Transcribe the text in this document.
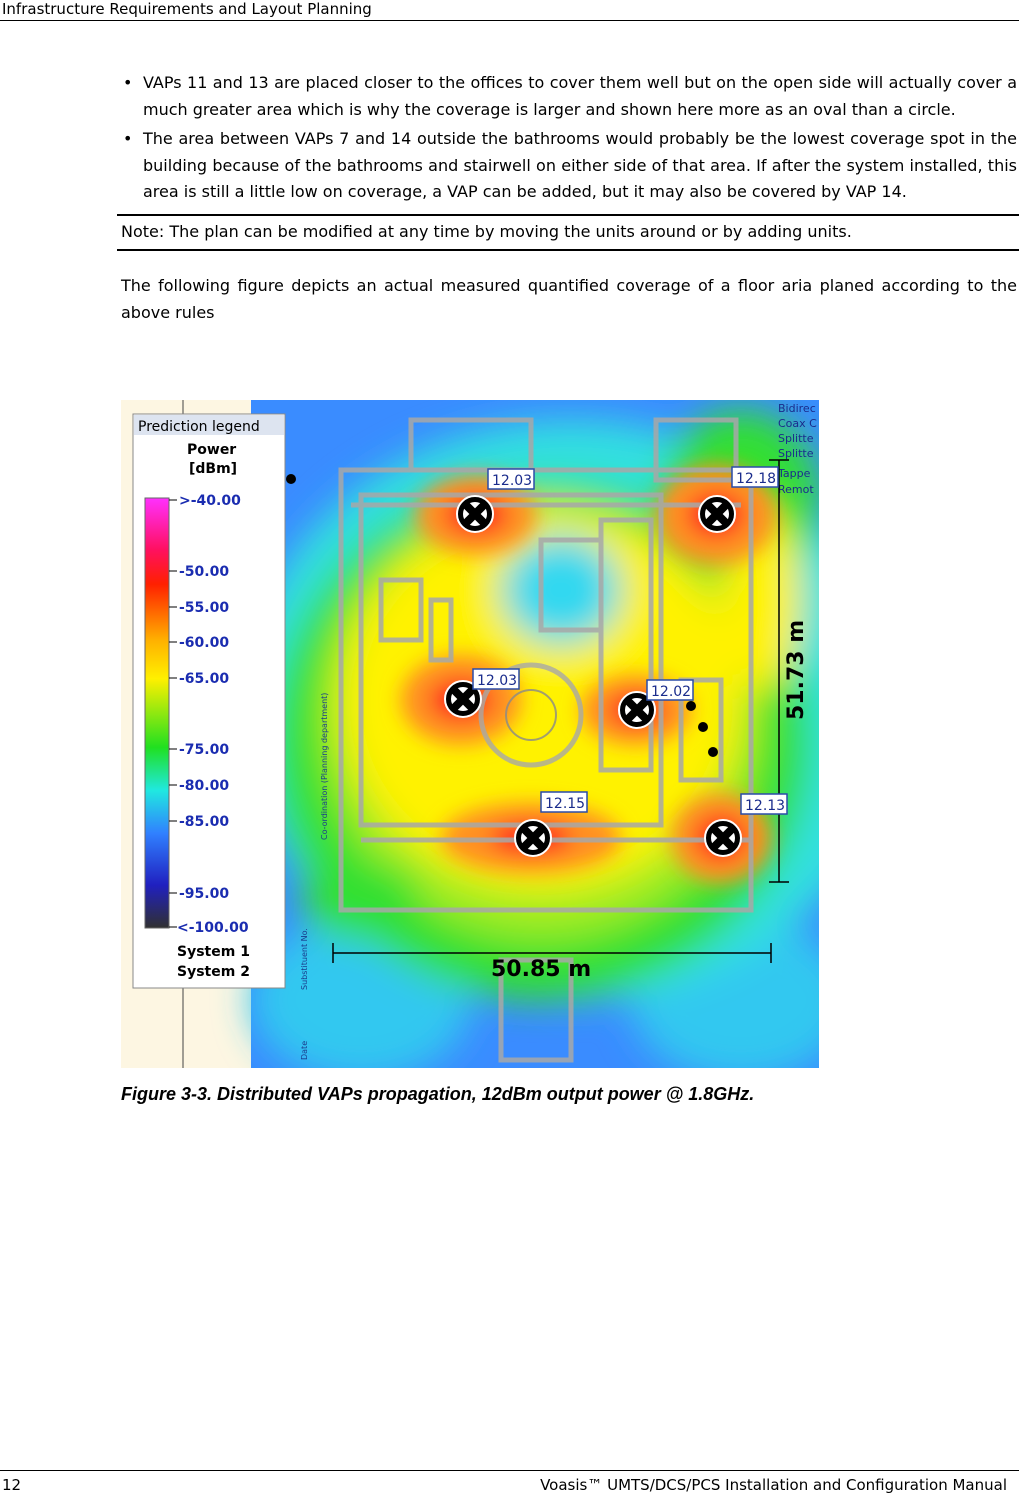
Infrastructure Requirements and Layout Planning
• VAPs 11 and 13 are placed closer to the offices to cover them well but on the open side will actually cover a much greater area which is why the coverage is larger and shown here more as an oval than a circle.
• The area between VAPs 7 and 14 outside the bathrooms would probably be the lowest coverage spot in the building because of the bathrooms and stairwell on either side of that area. If after the system installed, this area is still a little low on coverage, a VAP can be added, but it may also be covered by VAP 14.
Note: The plan can be modified at any time by moving the units around or by adding units.
The following figure depicts an actual measured quantified coverage of a floor aria planed according to the above rules
Co-ordination (Planning department)
Substituent No.
Date
Bidirec
Coax C
Splitte
Splitte
Tappe
Remot
51.73 m
50.85 m
12.03	12.18
12.03
12.02
12.15	12.13
Prediction legend
Power
[dBm]
>-40.00
-50.00
-55.00
-60.00
-65.00
-75.00
-80.00
-85.00
-95.00
<-100.00
System 1
System 2
Figure 3-3. Distributed VAPs propagation, 12dBm output power @ 1.8GHz.
12	Voasis™ UMTS/DCS/PCS Installation and Configuration Manual
